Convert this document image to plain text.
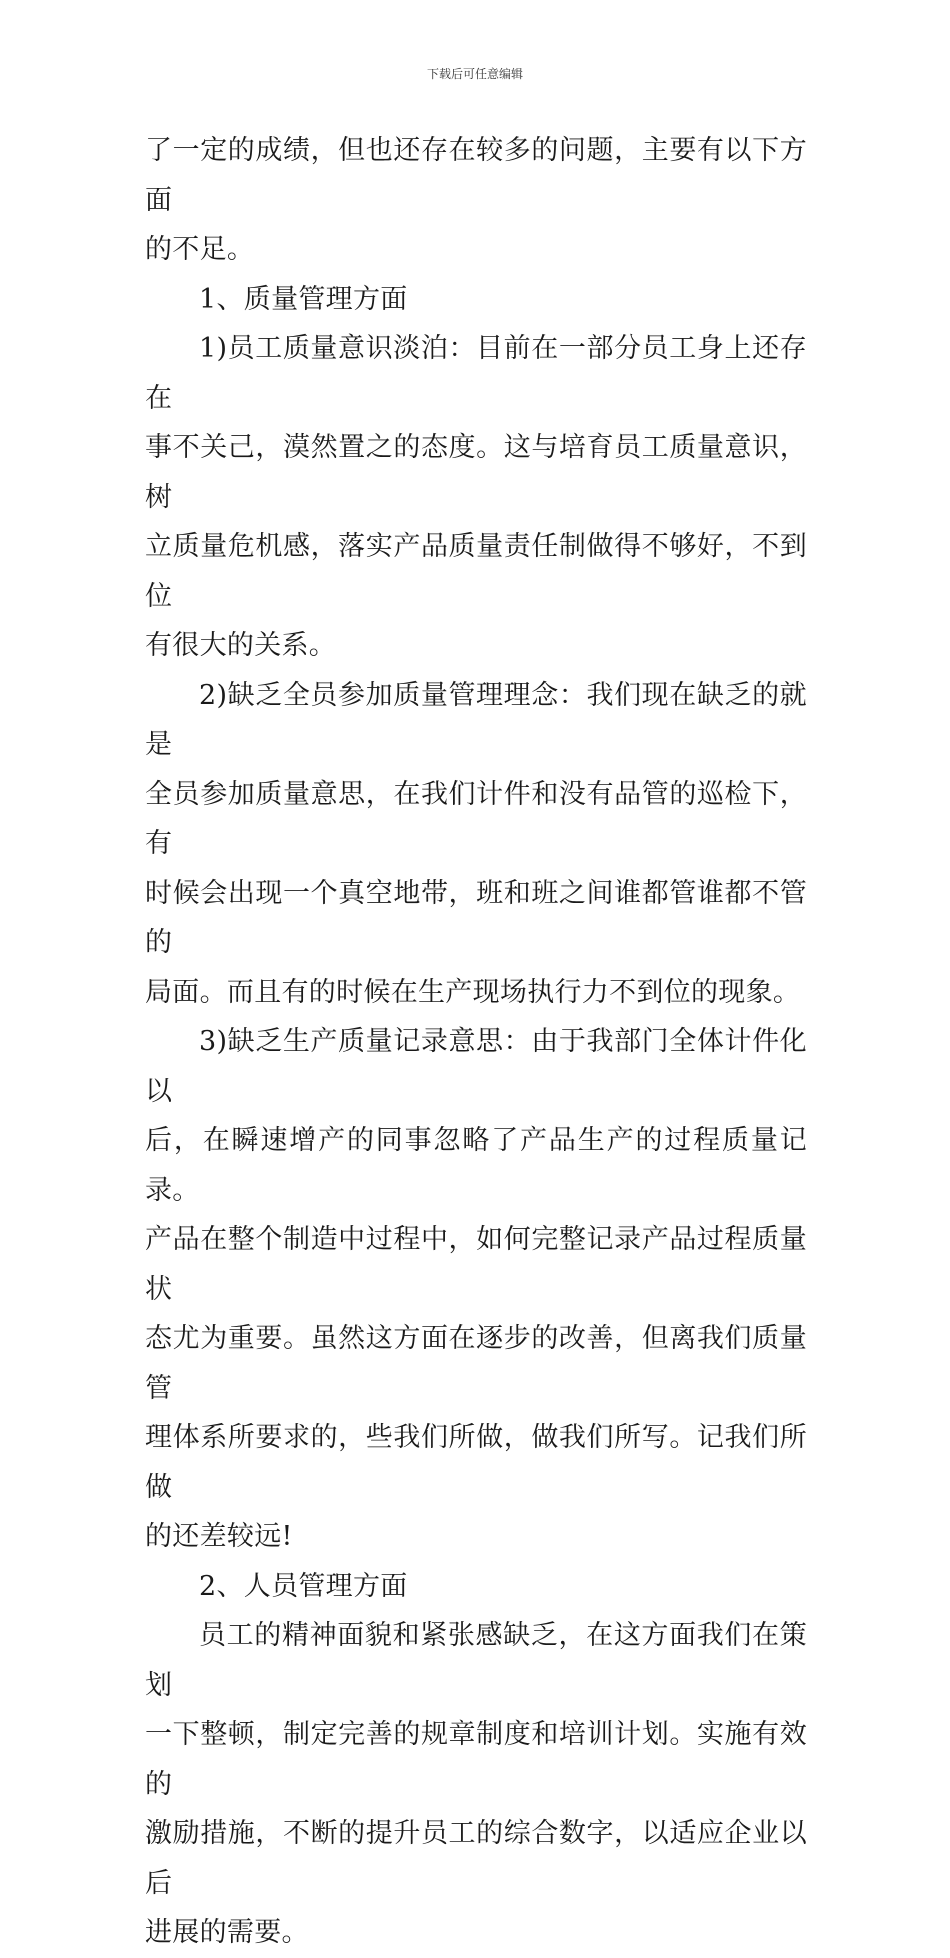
下载后可任意编辑

了一定的成绩，但也还存在较多的问题，主要有以下方面
的不足。

1、质量管理方面

1)员工质量意识淡泊：目前在一部分员工身上还存在
事不关己，漠然置之的态度。这与培育员工质量意识，树
立质量危机感，落实产品质量责任制做得不够好，不到位
有很大的关系。

2)缺乏全员参加质量管理理念：我们现在缺乏的就是
全员参加质量意思，在我们计件和没有品管的巡检下，有
时候会出现一个真空地带，班和班之间谁都管谁都不管的
局面。而且有的时候在生产现场执行力不到位的现象。

3)缺乏生产质量记录意思：由于我部门全体计件化以
后，在瞬速增产的同事忽略了产品生产的过程质量记录。
产品在整个制造中过程中，如何完整记录产品过程质量状
态尤为重要。虽然这方面在逐步的改善，但离我们质量管
理体系所要求的，些我们所做，做我们所写。记我们所做
的还差较远!

2、人员管理方面

员工的精神面貌和紧张感缺乏，在这方面我们在策划
一下整顿，制定完善的规章制度和培训计划。实施有效的
激励措施，不断的提升员工的综合数字，以适应企业以后
进展的需要。
